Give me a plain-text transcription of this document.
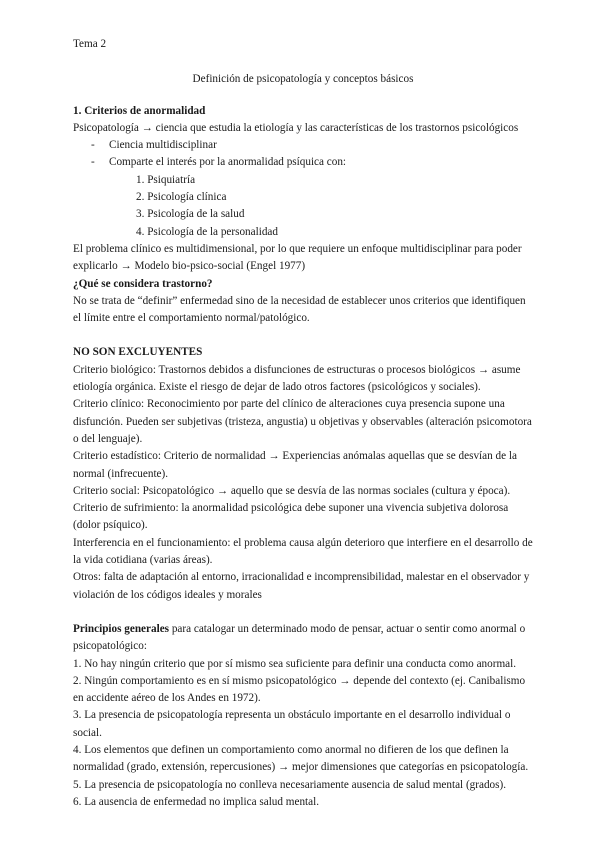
Tema 2

Definición de psicopatología y conceptos básicos

1. Criterios de anormalidad

Psicopatología → ciencia que estudia la etiología y las características de los trastornos psicológicos

- Ciencia multidisciplinar
- Comparte el interés por la anormalidad psíquica con:
1. Psiquiatría
2. Psicología clínica
3. Psicología de la salud
4. Psicología de la personalidad

El problema clínico es multidimensional, por lo que requiere un enfoque multidisciplinar para poder explicarlo → Modelo bio-psico-social (Engel 1977)

¿Qué se considera trastorno?

No se trata de “definir” enfermedad sino de la necesidad de establecer unos criterios que identifiquen el límite entre el comportamiento normal/patológico.

NO SON EXCLUYENTES

Criterio biológico: Trastornos debidos a disfunciones de estructuras o procesos biológicos → asume etiología orgánica. Existe el riesgo de dejar de lado otros factores (psicológicos y sociales).

Criterio clínico: Reconocimiento por parte del clínico de alteraciones cuya presencia supone una disfunción. Pueden ser subjetivas (tristeza, angustia) u objetivas y observables (alteración psicomotora o del lenguaje).

Criterio estadístico: Criterio de normalidad → Experiencias anómalas aquellas que se desvían de la normal (infrecuente).

Criterio social: Psicopatológico → aquello que se desvía de las normas sociales (cultura y época).

Criterio de sufrimiento: la anormalidad psicológica debe suponer una vivencia subjetiva dolorosa (dolor psíquico).

Interferencia en el funcionamiento: el problema causa algún deterioro que interfiere en el desarrollo de la vida cotidiana (varias áreas).

Otros: falta de adaptación al entorno, irracionalidad e incomprensibilidad, malestar en el observador y violación de los códigos ideales y morales

Principios generales para catalogar un determinado modo de pensar, actuar o sentir como anormal o psicopatológico:

1. No hay ningún criterio que por sí mismo sea suficiente para definir una conducta como anormal.

2. Ningún comportamiento es en sí mismo psicopatológico → depende del contexto (ej. Canibalismo en accidente aéreo de los Andes en 1972).

3. La presencia de psicopatología representa un obstáculo importante en el desarrollo individual o social.

4. Los elementos que definen un comportamiento como anormal no difieren de los que definen la normalidad (grado, extensión, repercusiones) → mejor dimensiones que categorías en psicopatología.

5. La presencia de psicopatología no conlleva necesariamente ausencia de salud mental (grados).

6. La ausencia de enfermedad no implica salud mental.
